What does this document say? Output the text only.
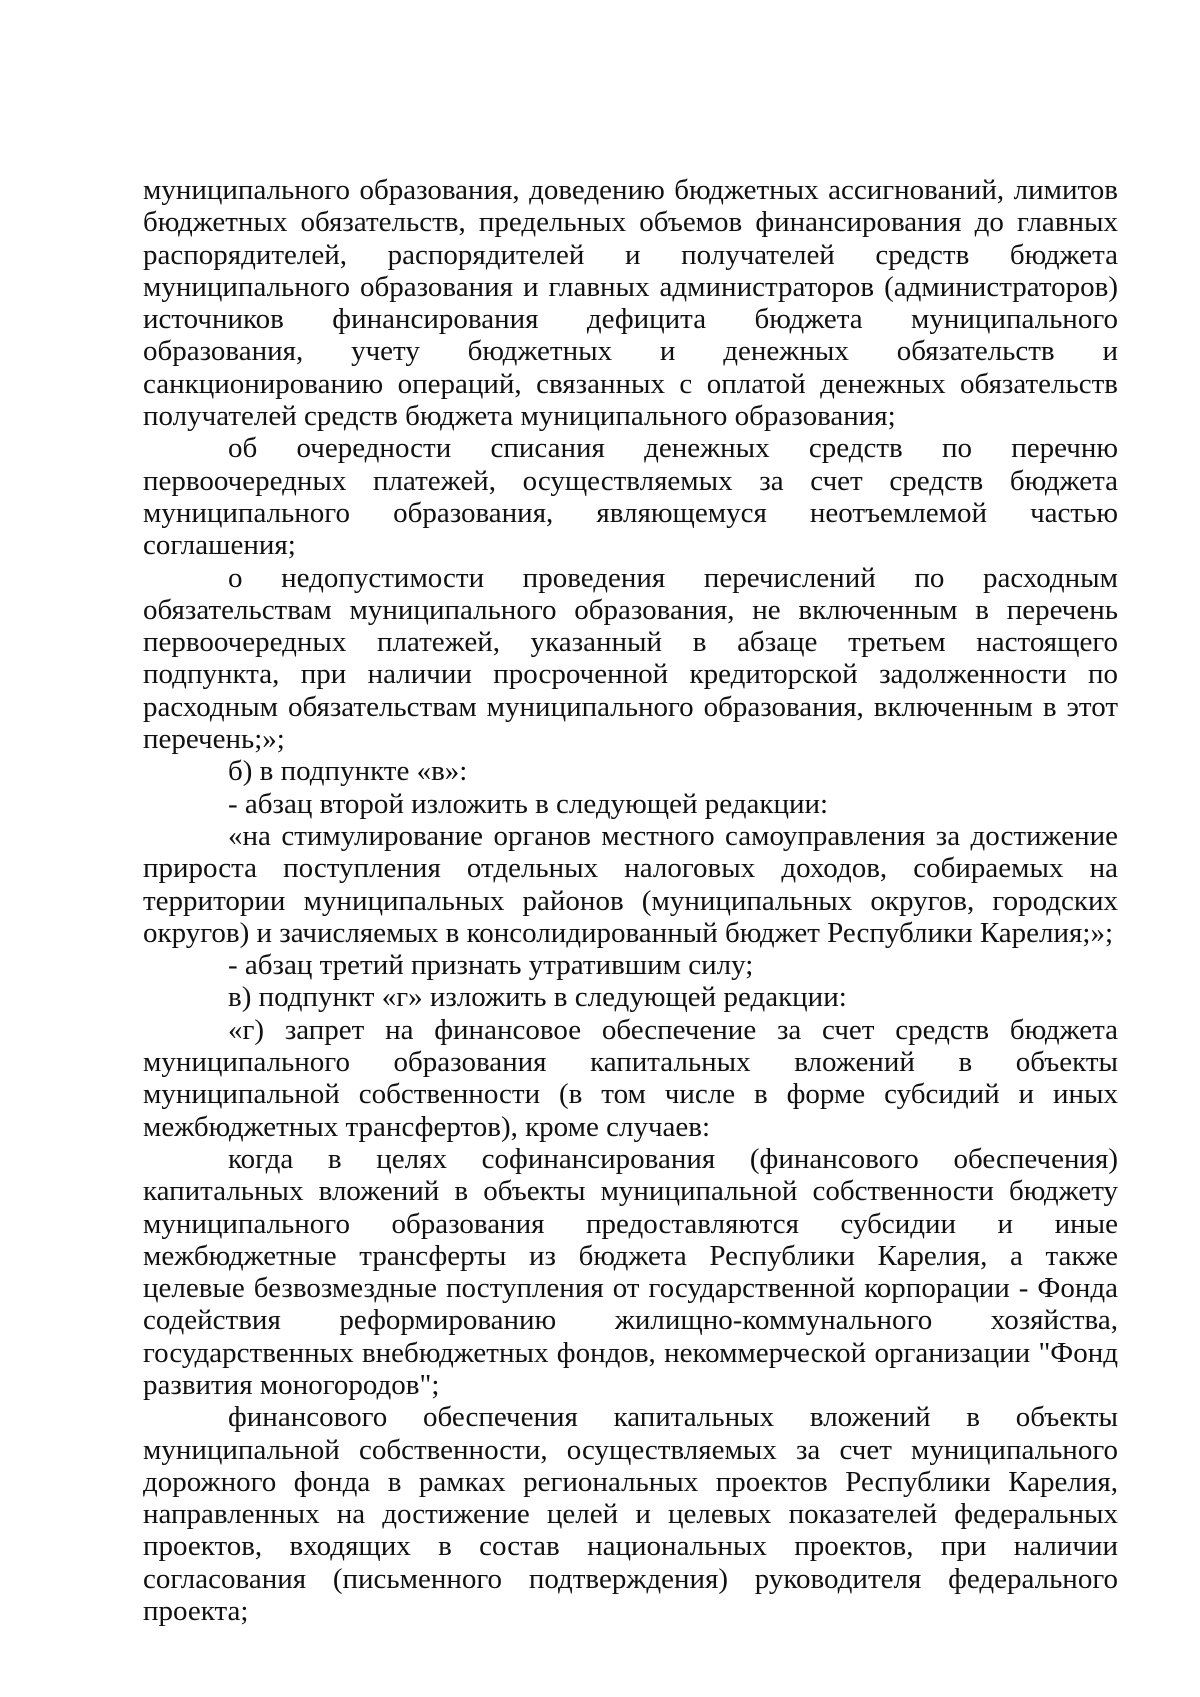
муниципального образования, доведению бюджетных ассигнований, лимитов бюджетных обязательств, предельных объемов финансирования до главных распорядителей, распорядителей и получателей средств бюджета муниципального образования и главных администраторов (администраторов) источников финансирования дефицита бюджета муниципального образования, учету бюджетных и денежных обязательств и санкционированию операций, связанных с оплатой денежных обязательств получателей средств бюджета муниципального образования;

об очередности списания денежных средств по перечню первоочередных платежей, осуществляемых за счет средств бюджета муниципального образования, являющемуся неотъемлемой частью соглашения;

о недопустимости проведения перечислений по расходным обязательствам муниципального образования, не включенным в перечень первоочередных платежей, указанный в абзаце третьем настоящего подпункта, при наличии просроченной кредиторской задолженности по расходным обязательствам муниципального образования, включенным в этот перечень;»;

б) в подпункте «в»:

- абзац второй изложить в следующей редакции:

«на стимулирование органов местного самоуправления за достижение прироста поступления отдельных налоговых доходов, собираемых на территории муниципальных районов (муниципальных округов, городских округов) и зачисляемых в консолидированный бюджет Республики Карелия;»;

- абзац третий признать утратившим силу;

в) подпункт «г» изложить в следующей редакции:

«г) запрет на финансовое обеспечение за счет средств бюджета муниципального образования капитальных вложений в объекты муниципальной собственности (в том числе в форме субсидий и иных межбюджетных трансфертов), кроме случаев:

когда в целях софинансирования (финансового обеспечения) капитальных вложений в объекты муниципальной собственности бюджету муниципального образования предоставляются субсидии и иные межбюджетные трансферты из бюджета Республики Карелия, а также целевые безвозмездные поступления от государственной корпорации - Фонда содействия реформированию жилищно-коммунального хозяйства, государственных внебюджетных фондов, некоммерческой организации "Фонд развития моногородов";

финансового обеспечения капитальных вложений в объекты муниципальной собственности, осуществляемых за счет муниципального дорожного фонда в рамках региональных проектов Республики Карелия, направленных на достижение целей и целевых показателей федеральных проектов, входящих в состав национальных проектов, при наличии согласования (письменного подтверждения) руководителя федерального проекта;
